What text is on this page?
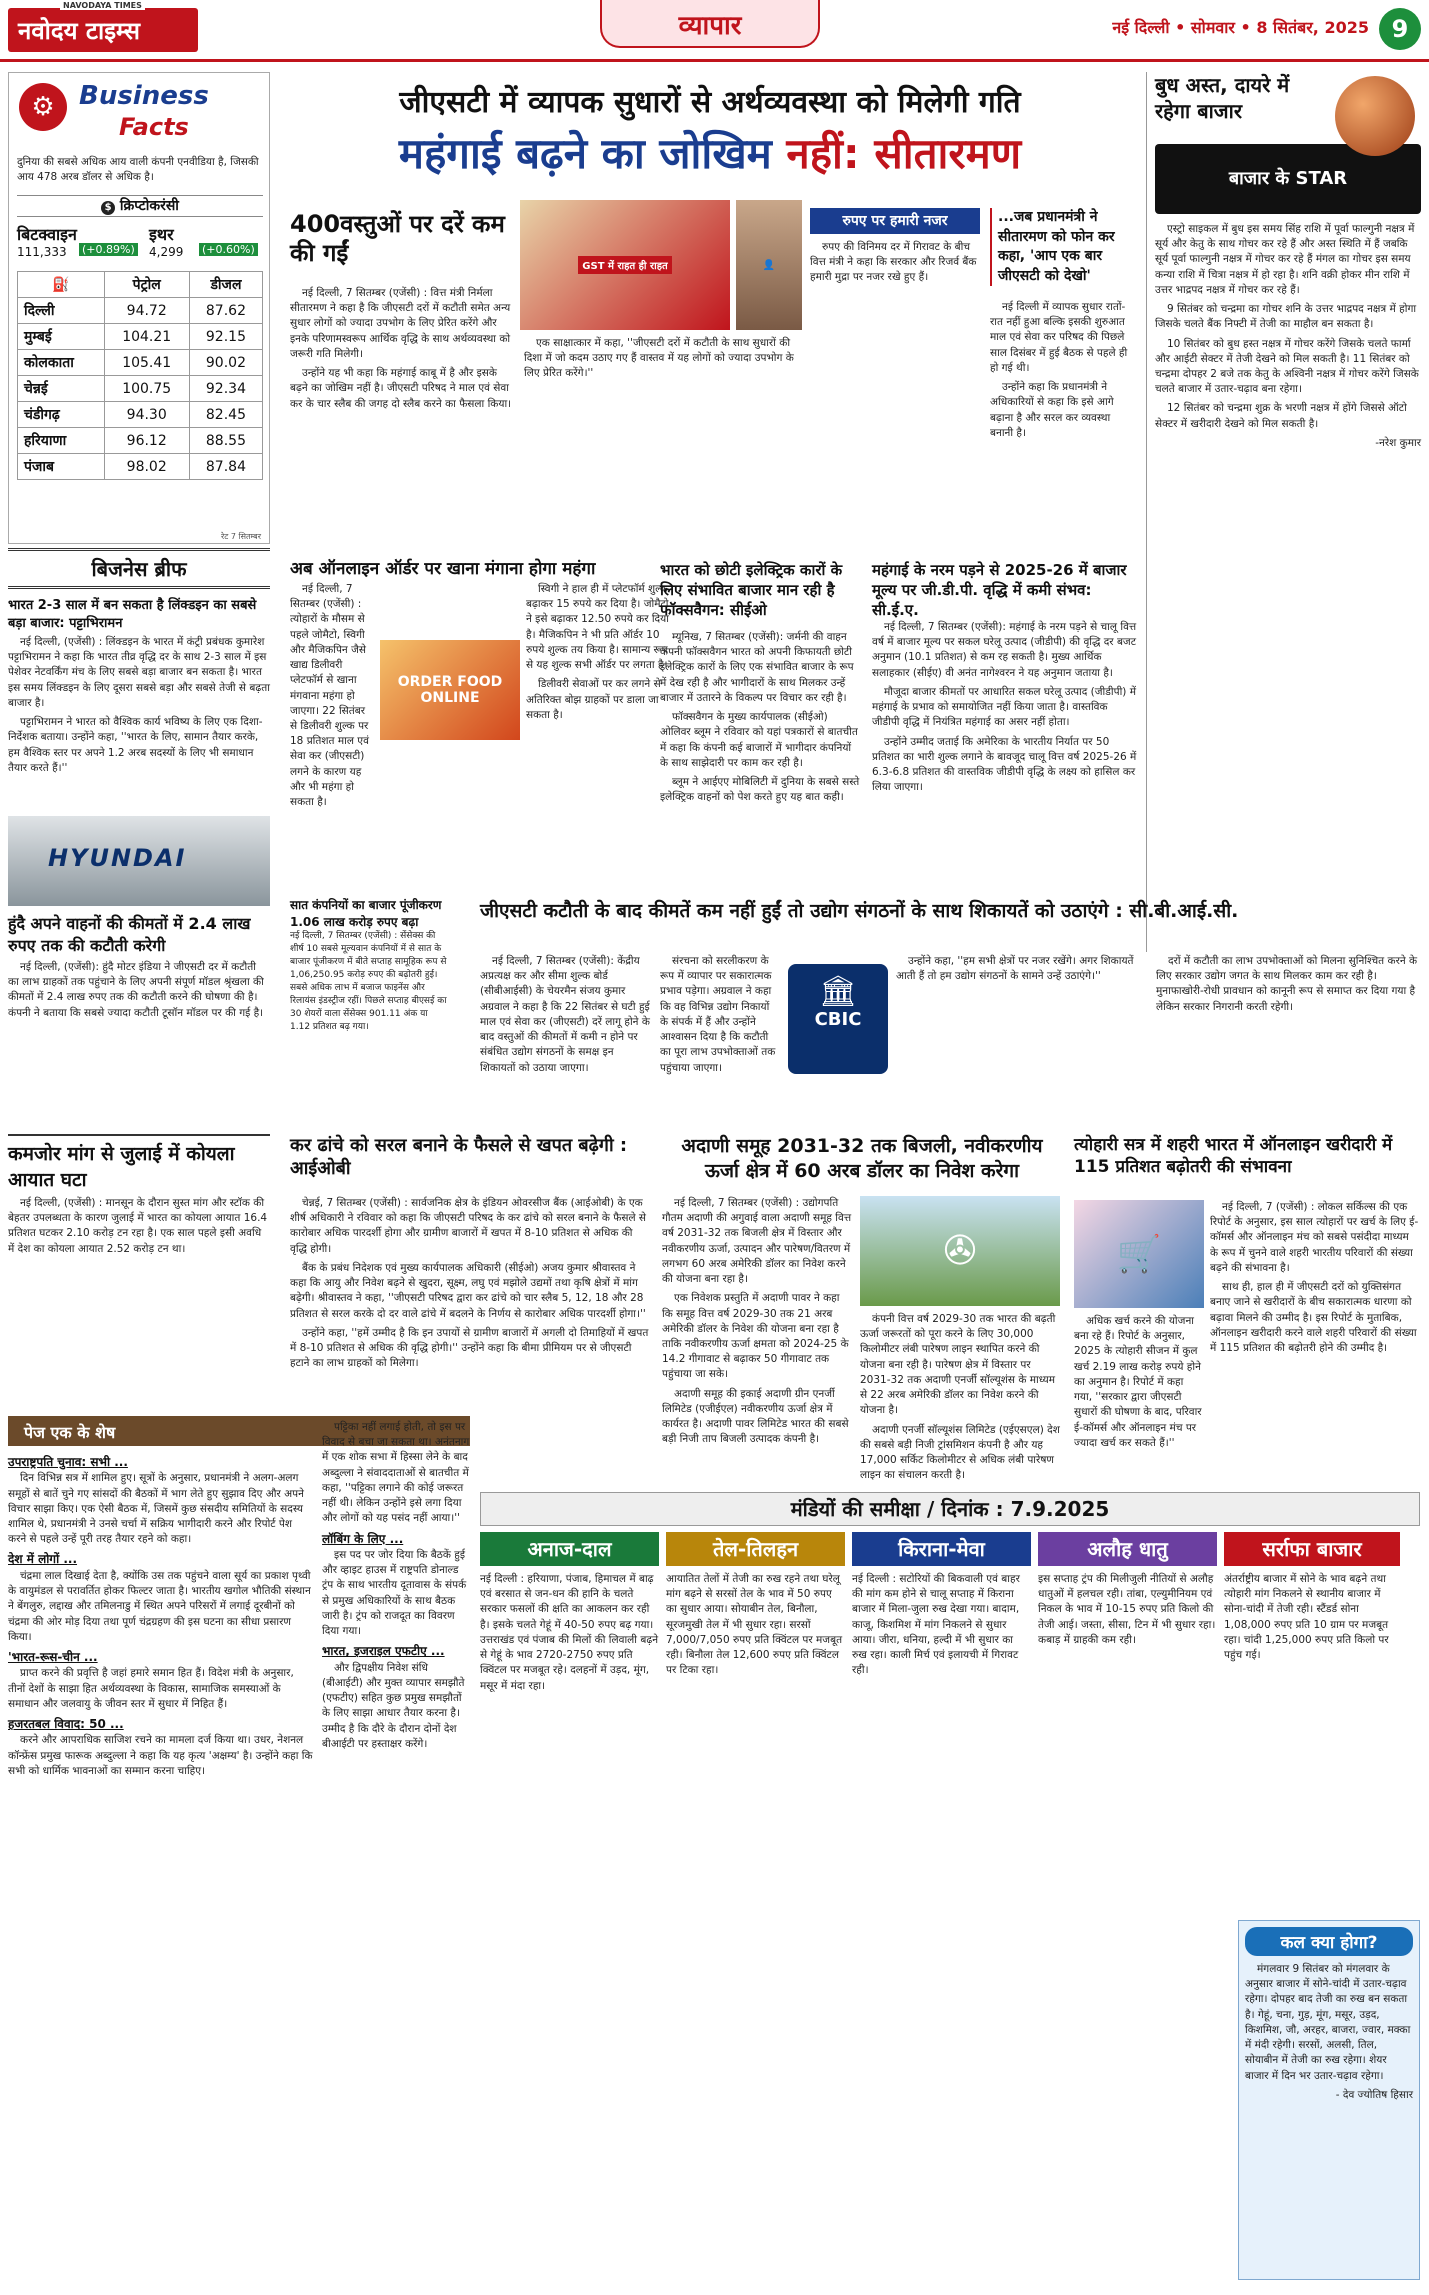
NAVODAYA TIMES
नवोदय टाइम्स	व्यापार	नई दिल्ली • सोमवार • 8 सितंबर, 2025 9
⚙ Business
Facts
दुनिया की सबसे अधिक आय वाली कंपनी एनवीडिया है, जिसकी आय 478 अरब डॉलर से अधिक है।
$ क्रिप्टोकरंसी
बिटक्वाइन
111,333 (+0.89%)
इथर
4,299 (+0.60%)
⛽	पेट्रोल	डीजल
दिल्ली	94.72	87.62
मुम्बई	104.21	92.15
कोलकाता	105.41	90.02
चेन्नई	100.75	92.34
चंडीगढ़	94.30	82.45
हरियाणा	96.12	88.55
पंजाब	98.02	87.84
रेट 7 सितम्बर
बिजनेस ब्रीफ
भारत 2-3 साल में बन सकता है लिंक्डइन का सबसे बड़ा बाजार: पट्टाभिरामन

नई दिल्ली, (एजेंसी) : लिंक्डइन के भारत में कंट्री प्रबंधक कुमारेश पट्टाभिरामन ने कहा कि भारत तीव्र वृद्धि दर के साथ 2-3 साल में इस पेशेवर नेटवर्किंग मंच के लिए सबसे बड़ा बाजार बन सकता है। भारत इस समय लिंक्डइन के लिए दूसरा सबसे बड़ा और सबसे तेजी से बढ़ता बाजार है।

पट्टाभिरामन ने भारत को वैश्विक कार्य भविष्य के लिए एक दिशा-निर्देशक बताया। उन्होंने कहा, ''भारत के लिए, सामान तैयार करके, हम वैश्विक स्तर पर अपने 1.2 अरब सदस्यों के लिए भी समाधान तैयार करते हैं।''

HYUNDAI
हुंदै अपने वाहनों की कीमतों में 2.4 लाख रुपए तक की कटौती करेगी

नई दिल्ली, (एजेंसी): हुंदै मोटर इंडिया ने जीएसटी दर में कटौती का लाभ ग्राहकों तक पहुंचाने के लिए अपनी संपूर्ण मॉडल श्रृंखला की कीमतों में 2.4 लाख रुपए तक की कटौती करने की घोषणा की है। कंपनी ने बताया कि सबसे ज्यादा कटौती टूसॉन मॉडल पर की गई है।

कमजोर मांग से जुलाई में कोयला आयात घटा

नई दिल्ली, (एजेंसी) : मानसून के दौरान सुस्त मांग और स्टॉक की बेहतर उपलब्धता के कारण जुलाई में भारत का कोयला आयात 16.4 प्रतिशत घटकर 2.10 करोड़ टन रहा है। एक साल पहले इसी अवधि में देश का कोयला आयात 2.52 करोड़ टन था।

जीएसटी में व्यापक सुधारों से अर्थव्यवस्था को मिलेगी गति
महंगाई बढ़ने का जोखिम नहीं: सीतारमण
400वस्तुओं पर दरें कम की गईं	GST में राहत ही राहत	👤
रुपए पर हमारी नजर

नई दिल्ली, 7 सितम्बर (एजेंसी) : वित्त मंत्री निर्मला सीतारमण ने कहा है कि जीएसटी दरों में कटौती समेत अन्य सुधार लोगों को ज्यादा उपभोग के लिए प्रेरित करेंगे और इनके परिणामस्वरूप आर्थिक वृद्धि के साथ अर्थव्यवस्था को जरूरी गति मिलेगी।

उन्होंने यह भी कहा कि महंगाई काबू में है और इसके बढ़ने का जोखिम नहीं है। जीएसटी परिषद ने माल एवं सेवा कर के चार स्लैब की जगह दो स्लैब करने का फैसला किया।

एक साक्षात्कार में कहा, ''जीएसटी दरों में कटौती के साथ सुधारों की दिशा में जो कदम उठाए गए हैं वास्तव में यह लोगों को ज्यादा उपभोग के लिए प्रेरित करेंगे।''

रुपए की विनिमय दर में गिरावट के बीच वित्त मंत्री ने कहा कि सरकार और रिजर्व बैंक हमारी मुद्रा पर नजर रखे हुए हैं।

...जब प्रधानमंत्री ने सीतारमण को फोन कर कहा, 'आप एक बार जीएसटी को देखो'

नई दिल्ली में व्यापक सुधार रातों-रात नहीं हुआ बल्कि इसकी शुरुआत माल एवं सेवा कर परिषद की पिछले साल दिसंबर में हुई बैठक से पहले ही हो गई थी।

उन्होंने कहा कि प्रधानमंत्री ने अधिकारियों से कहा कि इसे आगे बढ़ाना है और सरल कर व्यवस्था बनानी है।

बुध अस्त, दायरे में रहेगा बाजार
बाजार के STAR

एस्ट्रो साइकल में बुध इस समय सिंह राशि में पूर्वा फाल्गुनी नक्षत्र में सूर्य और केतु के साथ गोचर कर रहे हैं और अस्त स्थिति में हैं जबकि सूर्य पूर्वा फाल्गुनी नक्षत्र में गोचर कर रहे हैं मंगल का गोचर इस समय कन्या राशि में चित्रा नक्षत्र में हो रहा है। शनि वक्री होकर मीन राशि में उत्तर भाद्रपद नक्षत्र में गोचर कर रहे हैं।

9 सितंबर को चन्द्रमा का गोचर शनि के उत्तर भाद्रपद नक्षत्र में होगा जिसके चलते बैंक निफ्टी में तेजी का माहौल बन सकता है।

10 सितंबर को बुध हस्त नक्षत्र में गोचर करेंगे जिसके चलते फार्मा और आईटी सेक्टर में तेजी देखने को मिल सकती है। 11 सितंबर को चन्द्रमा दोपहर 2 बजे तक केतु के अश्विनी नक्षत्र में गोचर करेंगे जिसके चलते बाजार में उतार-चढ़ाव बना रहेगा।

12 सितंबर को चन्द्रमा शुक्र के भरणी नक्षत्र में होंगे जिससे ऑटो सेक्टर में खरीदारी देखने को मिल सकती है।

-नरेश कुमार

अब ऑनलाइन ऑर्डर पर खाना मंगाना होगा महंगा
ORDER FOOD ONLINE

नई दिल्ली, 7 सितम्बर (एजेंसी) : त्योहारों के मौसम से पहले जोमैटो, स्विगी और मैजिकपिन जैसे खाद्य डिलीवरी प्लेटफॉर्म से खाना मंगवाना महंगा हो जाएगा। 22 सितंबर से डिलीवरी शुल्क पर 18 प्रतिशत माल एवं सेवा कर (जीएसटी) लगने के कारण यह और भी महंगा हो सकता है।

स्विगी ने हाल ही में प्लेटफॉर्म शुल्क बढ़ाकर 15 रुपये कर दिया है। जोमैटो ने इसे बढ़ाकर 12.50 रुपये कर दिया है। मैजिकपिन ने भी प्रति ऑर्डर 10 रुपये शुल्क तय किया है। सामान्य रूप से यह शुल्क सभी ऑर्डर पर लगता है।

डिलीवरी सेवाओं पर कर लगने से अतिरिक्त बोझ ग्राहकों पर डाला जा सकता है।

सात कंपनियों का बाजार पूंजीकरण 1.06 लाख करोड़ रुपए बढ़ा
नई दिल्ली, 7 सितम्बर (एजेंसी) : सेंसेक्स की शीर्ष 10 सबसे मूल्यवान कंपनियों में से सात के बाजार पूंजीकरण में बीते सप्ताह सामूहिक रूप से 1,06,250.95 करोड़ रुपए की बढ़ोतरी हुई। सबसे अधिक लाभ में बजाज फाइनेंस और रिलायंस इंडस्ट्रीज रहीं। पिछले सप्ताह बीएसई का 30 शेयरों वाला सेंसेक्स 901.11 अंक या 1.12 प्रतिशत बढ़ गया।
भारत को छोटी इलेक्ट्रिक कारों के लिए संभावित बाजार मान रही है फॉक्सवैगन: सीईओ

म्यूनिख, 7 सितम्बर (एजेंसी): जर्मनी की वाहन कंपनी फॉक्सवैगन भारत को अपनी किफायती छोटी इलेक्ट्रिक कारों के लिए एक संभावित बाजार के रूप में देख रही है और भागीदारों के साथ मिलकर उन्हें बाजार में उतारने के विकल्प पर विचार कर रही है।

फॉक्सवैगन के मुख्य कार्यपालक (सीईओ) ओलिवर ब्लूम ने रविवार को यहां पत्रकारों से बातचीत में कहा कि कंपनी कई बाजारों में भागीदार कंपनियों के साथ साझेदारी पर काम कर रही है।

ब्लूम ने आईएए मोबिलिटी में दुनिया के सबसे सस्ते इलेक्ट्रिक वाहनों को पेश करते हुए यह बात कही।

महंगाई के नरम पड़ने से 2025-26 में बाजार मूल्य पर जी.डी.पी. वृद्धि में कमी संभव: सी.ई.ए.

नई दिल्ली, 7 सितम्बर (एजेंसी): महंगाई के नरम पड़ने से चालू वित्त वर्ष में बाजार मूल्य पर सकल घरेलू उत्पाद (जीडीपी) की वृद्धि दर बजट अनुमान (10.1 प्रतिशत) से कम रह सकती है। मुख्य आर्थिक सलाहकार (सीईए) वी अनंत नागेश्वरन ने यह अनुमान जताया है।

मौजूदा बाजार कीमतों पर आधारित सकल घरेलू उत्पाद (जीडीपी) में महंगाई के प्रभाव को समायोजित नहीं किया जाता है। वास्तविक जीडीपी वृद्धि में नियंत्रित महंगाई का असर नहीं होता।

उन्होंने उम्मीद जताई कि अमेरिका के भारतीय निर्यात पर 50 प्रतिशत का भारी शुल्क लगाने के बावजूद चालू वित्त वर्ष 2025-26 में 6.3-6.8 प्रतिशत की वास्तविक जीडीपी वृद्धि के लक्ष्य को हासिल कर लिया जाएगा।

जीएसटी कटौती के बाद कीमतें कम नहीं हुईं तो उद्योग संगठनों के साथ शिकायतें को उठाएंगे : सी.बी.आई.सी.

नई दिल्ली, 7 सितम्बर (एजेंसी): केंद्रीय अप्रत्यक्ष कर और सीमा शुल्क बोर्ड (सीबीआईसी) के चेयरमैन संजय कुमार अग्रवाल ने कहा है कि 22 सितंबर से घटी हुई माल एवं सेवा कर (जीएसटी) दरें लागू होने के बाद वस्तुओं की कीमतों में कमी न होने पर संबंधित उद्योग संगठनों के समक्ष इन शिकायतों को उठाया जाएगा।

संरचना को सरलीकरण के रूप में व्यापार पर सकारात्मक प्रभाव पड़ेगा। अग्रवाल ने कहा कि वह विभिन्न उद्योग निकायों के संपर्क में हैं और उन्होंने आश्वासन दिया है कि कटौती का पूरा लाभ उपभोक्ताओं तक पहुंचाया जाएगा।

🏛
CBIC

उन्होंने कहा, ''हम सभी क्षेत्रों पर नजर रखेंगे। अगर शिकायतें आती हैं तो हम उद्योग संगठनों के सामने उन्हें उठाएंगे।''

दरों में कटौती का लाभ उपभोक्ताओं को मिलना सुनिश्चित करने के लिए सरकार उद्योग जगत के साथ मिलकर काम कर रही है। मुनाफाखोरी-रोधी प्रावधान को कानूनी रूप से समाप्त कर दिया गया है लेकिन सरकार निगरानी करती रहेगी।

कर ढांचे को सरल बनाने के फैसले से खपत बढ़ेगी : आईओबी

चेन्नई, 7 सितम्बर (एजेंसी) : सार्वजनिक क्षेत्र के इंडियन ओवरसीज बैंक (आईओबी) के एक शीर्ष अधिकारी ने रविवार को कहा कि जीएसटी परिषद के कर ढांचे को सरल बनाने के फैसले से कारोबार अधिक पारदर्शी होगा और ग्रामीण बाजारों में खपत में 8-10 प्रतिशत से अधिक की वृद्धि होगी।

बैंक के प्रबंध निदेशक एवं मुख्य कार्यपालक अधिकारी (सीईओ) अजय कुमार श्रीवास्तव ने कहा कि आयु और निवेश बढ़ने से खुदरा, सूक्ष्म, लघु एवं मझोले उद्यमों तथा कृषि क्षेत्रों में मांग बढ़ेगी। श्रीवास्तव ने कहा, ''जीएसटी परिषद द्वारा कर ढांचे को चार स्लैब 5, 12, 18 और 28 प्रतिशत से सरल करके दो दर वाले ढांचे में बदलने के निर्णय से कारोबार अधिक पारदर्शी होगा।''

उन्होंने कहा, ''हमें उम्मीद है कि इन उपायों से ग्रामीण बाजारों में अगली दो तिमाहियों में खपत में 8-10 प्रतिशत से अधिक की वृद्धि होगी।'' उन्होंने कहा कि बीमा प्रीमियम पर से जीएसटी हटाने का लाभ ग्राहकों को मिलेगा।

अदाणी समूह 2031-32 तक बिजली, नवीकरणीय ऊर्जा क्षेत्र में 60 अरब डॉलर का निवेश करेगा

नई दिल्ली, 7 सितम्बर (एजेंसी) : उद्योगपति गौतम अदाणी की अगुवाई वाला अदाणी समूह वित्त वर्ष 2031-32 तक बिजली क्षेत्र में विस्तार और नवीकरणीय ऊर्जा, उत्पादन और पारेषण/वितरण में लगभग 60 अरब अमेरिकी डॉलर का निवेश करने की योजना बना रहा है।

एक निवेशक प्रस्तुति में अदाणी पावर ने कहा कि समूह वित्त वर्ष 2029-30 तक 21 अरब अमेरिकी डॉलर के निवेश की योजना बना रहा है ताकि नवीकरणीय ऊर्जा क्षमता को 2024-25 के 14.2 गीगावाट से बढ़ाकर 50 गीगावाट तक पहुंचाया जा सके।

अदाणी समूह की इकाई अदाणी ग्रीन एनर्जी लिमिटेड (एजीईएल) नवीकरणीय ऊर्जा क्षेत्र में कार्यरत है। अदाणी पावर लिमिटेड भारत की सबसे बड़ी निजी ताप बिजली उत्पादक कंपनी है।

✇

कंपनी वित्त वर्ष 2029-30 तक भारत की बढ़ती ऊर्जा जरूरतों को पूरा करने के लिए 30,000 किलोमीटर लंबी पारेषण लाइन स्थापित करने की योजना बना रही है। पारेषण क्षेत्र में विस्तार पर 2031-32 तक अदाणी एनर्जी सॉल्यूशंस के माध्यम से 22 अरब अमेरिकी डॉलर का निवेश करने की योजना है।

अदाणी एनर्जी सॉल्यूशंस लिमिटेड (एईएसएल) देश की सबसे बड़ी निजी ट्रांसमिशन कंपनी है और यह 17,000 सर्किट किलोमीटर से अधिक लंबी पारेषण लाइन का संचालन करती है।

त्योहारी सत्र में शहरी भारत में ऑनलाइन खरीदारी में 115 प्रतिशत बढ़ोतरी की संभावना
🛒

नई दिल्ली, 7 (एजेंसी) : लोकल सर्किल्स की एक रिपोर्ट के अनुसार, इस साल त्योहारों पर खर्च के लिए ई-कॉमर्स और ऑनलाइन मंच को सबसे पसंदीदा माध्यम के रूप में चुनने वाले शहरी भारतीय परिवारों की संख्या बढ़ने की संभावना है।

साथ ही, हाल ही में जीएसटी दरों को युक्तिसंगत बनाए जाने से खरीदारों के बीच सकारात्मक धारणा को बढ़ावा मिलने की उम्मीद है। इस रिपोर्ट के मुताबिक, ऑनलाइन खरीदारी करने वाले शहरी परिवारों की संख्या में 115 प्रतिशत की बढ़ोतरी होने की उम्मीद है।

अधिक खर्च करने की योजना बना रहे हैं। रिपोर्ट के अनुसार, 2025 के त्योहारी सीजन में कुल खर्च 2.19 लाख करोड़ रुपये होने का अनुमान है। रिपोर्ट में कहा गया, ''सरकार द्वारा जीएसटी सुधारों की घोषणा के बाद, परिवार ई-कॉमर्स और ऑनलाइन मंच पर ज्यादा खर्च कर सकते हैं।''

पेज एक के शेष
उपराष्ट्रपति चुनाव: सभी ...

दिन विभिन्न सत्र में शामिल हुए। सूत्रों के अनुसार, प्रधानमंत्री ने अलग-अलग समूहों से बातें चुने गए सांसदों की बैठकों में भाग लेते हुए सुझाव दिए और अपने विचार साझा किए। एक ऐसी बैठक में, जिसमें कुछ संसदीय समितियों के सदस्य शामिल थे, प्रधानमंत्री ने उनसे चर्चा में सक्रिय भागीदारी करने और रिपोर्ट पेश करने से पहले उन्हें पूरी तरह तैयार रहने को कहा।

देश में लोगों ...

चंद्रमा लाल दिखाई देता है, क्योंकि उस तक पहुंचने वाला सूर्य का प्रकाश पृथ्वी के वायुमंडल से परावर्तित होकर फिल्टर जाता है। भारतीय खगोल भौतिकी संस्थान ने बेंगलुरु, लद्दाख और तमिलनाडु में स्थित अपने परिसरों में लगाई दूरबीनों को चंद्रमा की ओर मोड़ दिया तथा पूर्ण चंद्रग्रहण की इस घटना का सीधा प्रसारण किया।

'भारत-रूस-चीन ...

प्राप्त करने की प्रवृत्ति है जहां हमारे समान हित हैं। विदेश मंत्री के अनुसार, तीनों देशों के साझा हित अर्थव्यवस्था के विकास, सामाजिक समस्याओं के समाधान और जलवायु के जीवन स्तर में सुधार में निहित हैं।

हजरतबल विवाद: 50 ...

करने और आपराधिक साजिश रचने का मामला दर्ज किया था। उधर, नेशनल कॉन्फ्रेंस प्रमुख फारूक अब्दुल्ला ने कहा कि यह कृत्य 'अक्षम्य' है। उन्होंने कहा कि सभी को धार्मिक भावनाओं का सम्मान करना चाहिए।

पट्टिका नहीं लगाई होती, तो इस पर विवाद से बचा जा सकता था। अनंतनाग में एक शोक सभा में हिस्सा लेने के बाद अब्दुल्ला ने संवाददाताओं से बातचीत में कहा, ''पट्टिका लगाने की कोई जरूरत नहीं थी। लेकिन उन्होंने इसे लगा दिया और लोगों को यह पसंद नहीं आया।''

लॉबिंग के लिए ...

इस पद पर जोर दिया कि बैठकें हुई और व्हाइट हाउस में राष्ट्रपति डोनाल्ड ट्रंप के साथ भारतीय दूतावास के संपर्क से प्रमुख अधिकारियों के साथ बैठक जारी है। ट्रंप को राजदूत का विवरण दिया गया।

भारत, इजराइल एफटीए ...

और द्विपक्षीय निवेश संधि (बीआईटी) और मुक्त व्यापार समझौते (एफटीए) सहित कुछ प्रमुख समझौतों के लिए साझा आधार तैयार करना है। उम्मीद है कि दौरे के दौरान दोनों देश बीआईटी पर हस्ताक्षर करेंगे।

मंडियों की समीक्षा / दिनांक : 7.9.2025
अनाज-दाल
नई दिल्ली : हरियाणा, पंजाब, हिमाचल में बाढ़ एवं बरसात से जन-धन की हानि के चलते सरकार फसलों की क्षति का आकलन कर रही है। इसके चलते गेहूं में 40-50 रुपए बढ़ गया। उत्तराखंड एवं पंजाब की मिलों की लिवाली बढ़ने से गेहूं के भाव 2720-2750 रुपए प्रति क्विंटल पर मजबूत रहे। दलहनों में उड़द, मूंग, मसूर में मंदा रहा।
तेल-तिलहन
आयातित तेलों में तेजी का रुख रहने तथा घरेलू मांग बढ़ने से सरसों तेल के भाव में 50 रुपए का सुधार आया। सोयाबीन तेल, बिनौला, सूरजमुखी तेल में भी सुधार रहा। सरसों 7,000/7,050 रुपए प्रति क्विंटल पर मजबूत रही। बिनौला तेल 12,600 रुपए प्रति क्विंटल पर टिका रहा।
किराना-मेवा
नई दिल्ली : सटोरियों की बिकवाली एवं बाहर की मांग कम होने से चालू सप्ताह में किराना बाजार में मिला-जुला रुख देखा गया। बादाम, काजू, किशमिश में मांग निकलने से सुधार आया। जीरा, धनिया, हल्दी में भी सुधार का रुख रहा। काली मिर्च एवं इलायची में गिरावट रही।
अलौह धातु
इस सप्ताह ट्रंप की मिलीजुली नीतियों से अलौह धातुओं में हलचल रही। तांबा, एल्युमीनियम एवं निकल के भाव में 10-15 रुपए प्रति किलो की तेजी आई। जस्ता, सीसा, टिन में भी सुधार रहा। कबाड़ में ग्राहकी कम रही।
सर्राफा बाजार
अंतर्राष्ट्रीय बाजार में सोने के भाव बढ़ने तथा त्योहारी मांग निकलने से स्थानीय बाजार में सोना-चांदी में तेजी रही। स्टैंडर्ड सोना 1,08,000 रुपए प्रति 10 ग्राम पर मजबूत रहा। चांदी 1,25,000 रुपए प्रति किलो पर पहुंच गई।
कल क्या होगा?

मंगलवार 9 सितंबर को मंगलवार के अनुसार बाजार में सोने-चांदी में उतार-चढ़ाव रहेगा। दोपहर बाद तेजी का रुख बन सकता है। गेहूं, चना, गुड़, मूंग, मसूर, उड़द, किशमिश, जौ, अरहर, बाजरा, ज्वार, मक्का में मंदी रहेगी। सरसों, अलसी, तिल, सोयाबीन में तेजी का रुख रहेगा। शेयर बाजार में दिन भर उतार-चढ़ाव रहेगा।

- देव ज्योतिष हिसार
